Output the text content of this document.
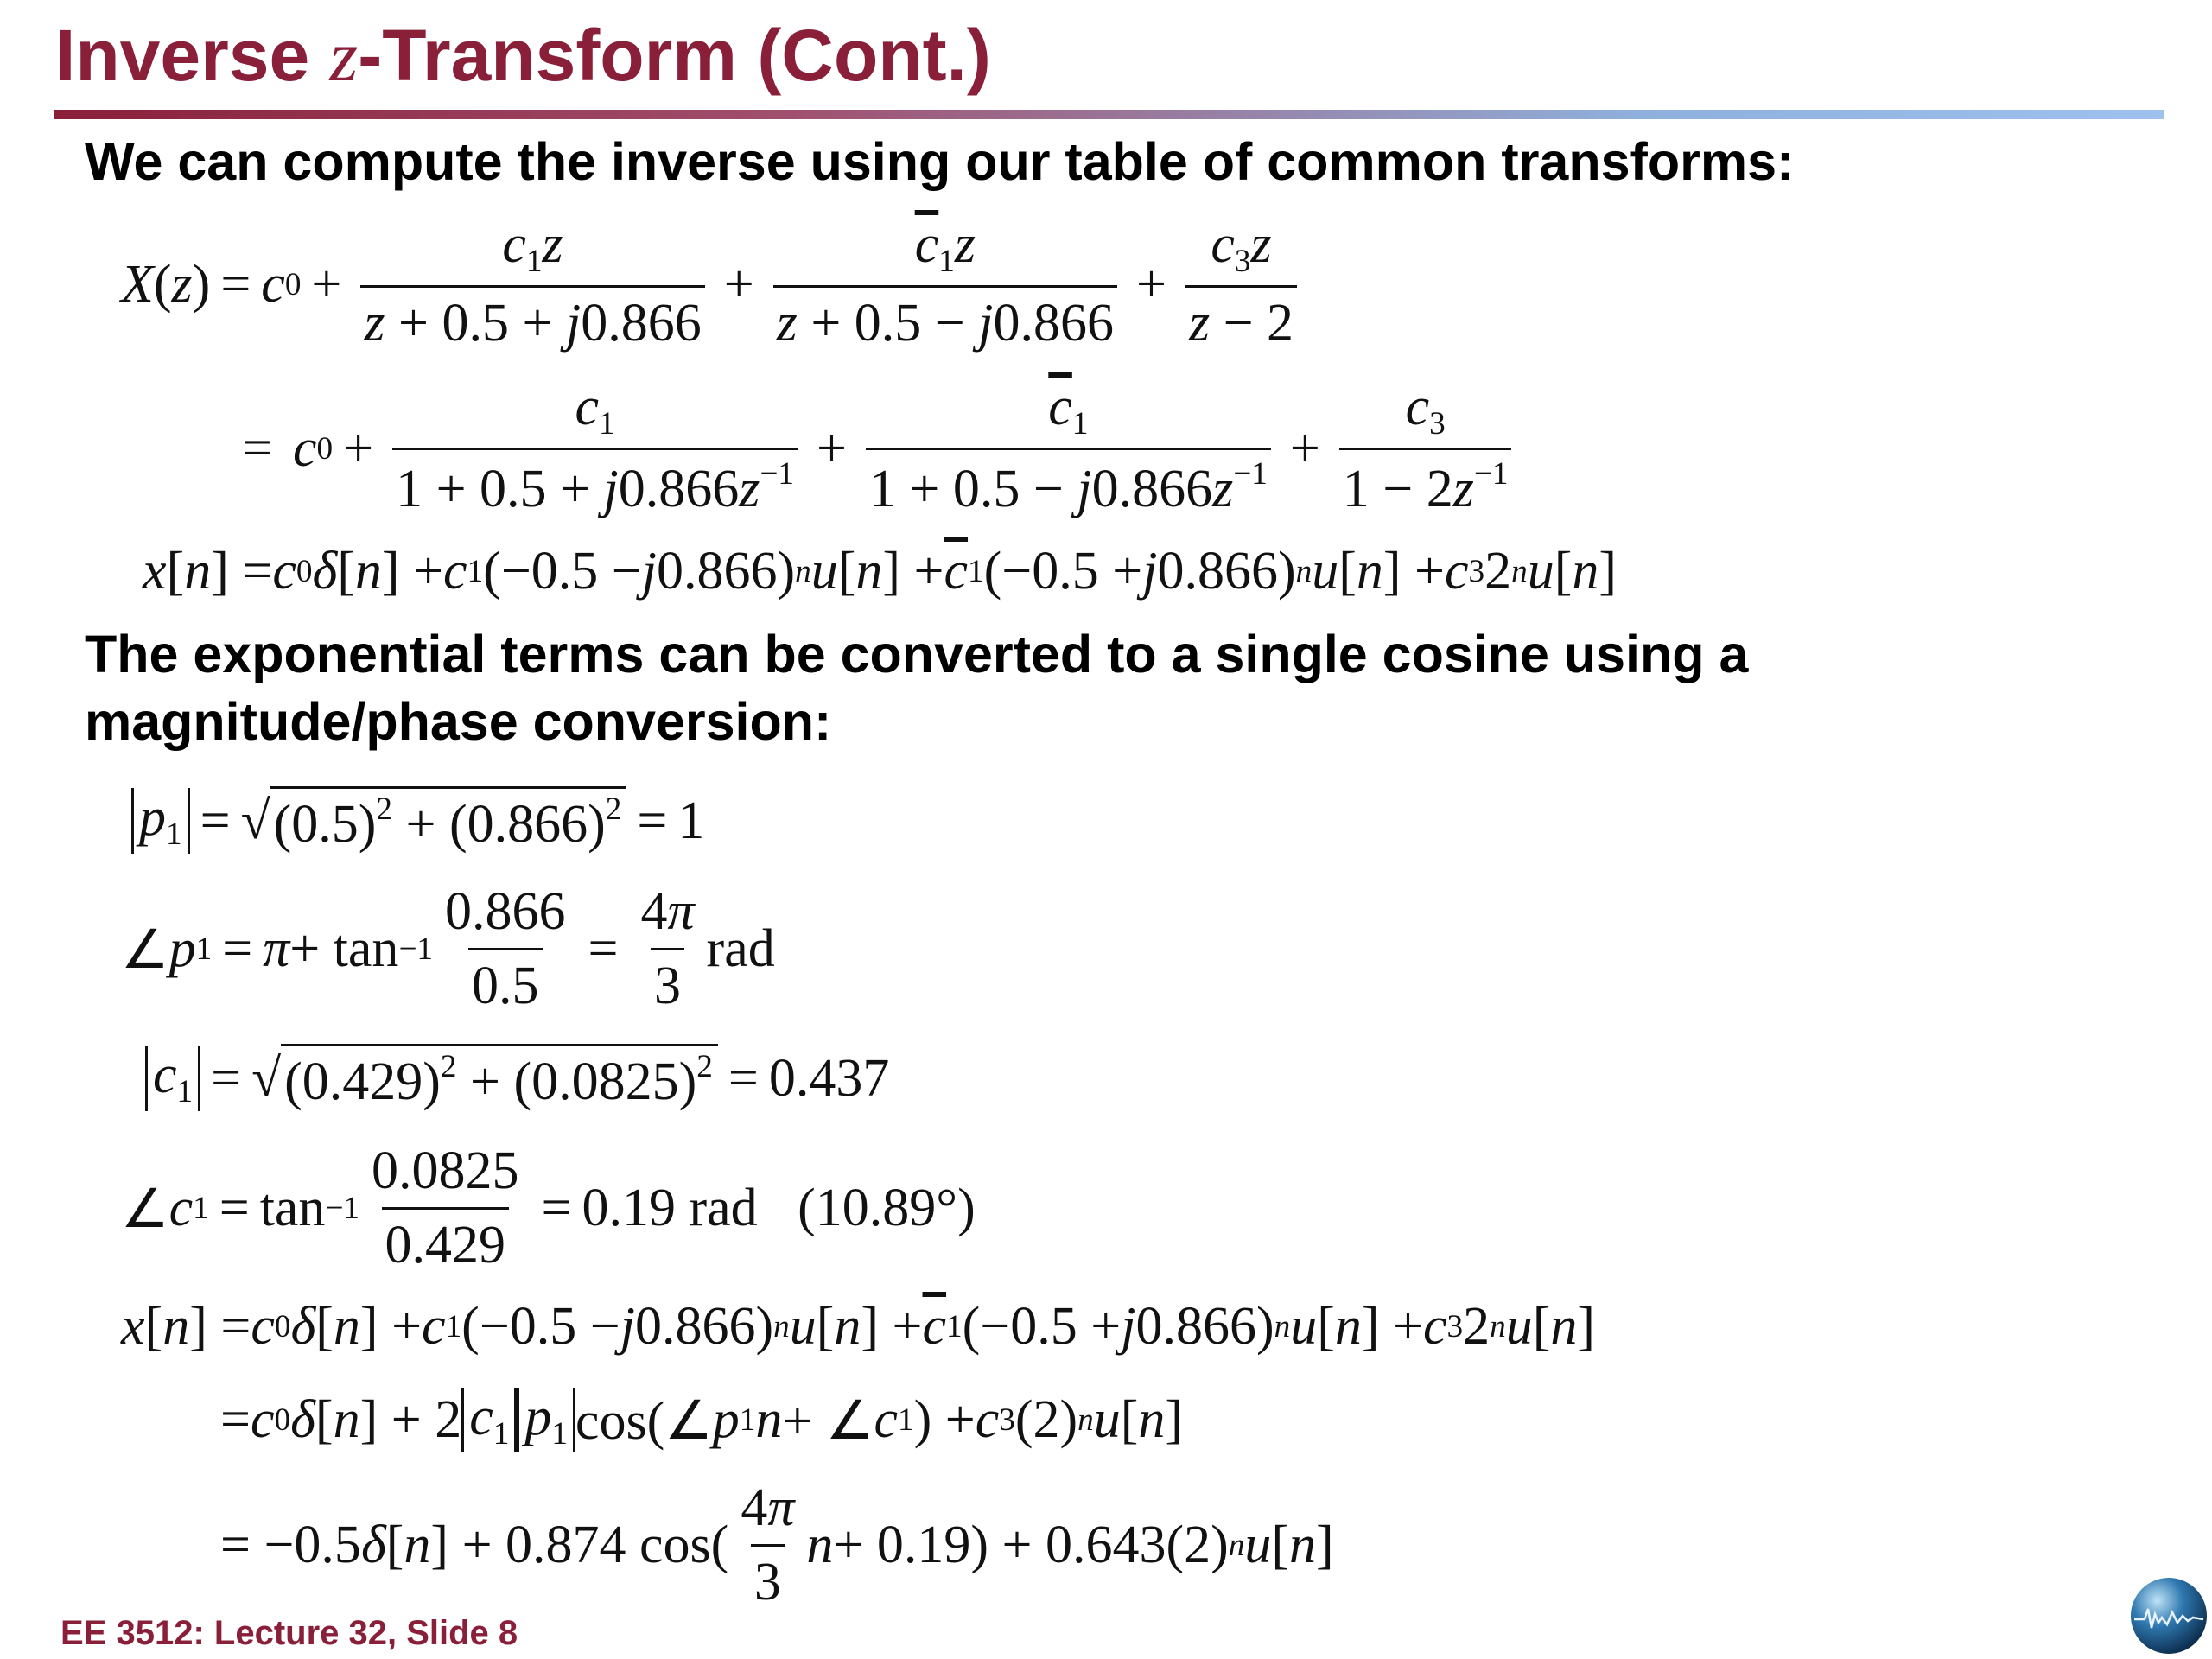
Inverse z-Transform (Cont.)

We can compute the inverse using our table of common transforms:

X ( z ) = c $0 + \frac{c_1z}{z + 0.5 + j0.866} + \frac{\overline{c}_1z}{z + 0.5 - j0.866} + \frac{c_3z}{z - 2}$
= c $0 + \frac{c_1}{1 + 0.5 + j0.866z^{-1}} + \frac{\overline{c}_1}{1 + 0.5 - j0.866z^{-1}} + \frac{c_3}{1 - 2z^{-1}}$
x [ n ] = c 0 δ [ n ] + c 1 (−0.5 − j 0.866) n u [ n ] + $\overline{c}$ 1 (−0.5 + j 0.866) n u [ n ] + c 3 2 n u [ n ]

The exponential terms can be converted to a single cosine using a magnitude/phase conversion:

$p_1$ = √ $(0.5)^2 + (0.866)^2 = 1$
∠ p $1 = \pi + \tan -1 \frac{0.866}{0.5} = \frac{4\pi}{3}$ rad
$c_1$ = √ $(0.429)^2 + (0.0825)^2 = 0.437$
∠ c $1 = \tan -1 \frac{0.0825}{0.429} = 0.19$ rad   (10.89°)
x [ n ] = c 0 δ [ n ] + c 1 (−0.5 − j 0.866) n u [ n ] + $\overline{c}$ 1 (−0.5 + j 0.866) n u [ n ] + c 3 2 n u [ n ]
= c 0 δ [ n ] + 2 $c_1$ $p_1$ cos(∠ p 1 n + ∠ c 1 ) + c 3 (2) n u [ n ]
= −0.5 δ [ n ] + 0.874 $\cos( \frac{4\pi}{3}$ n + 0.19) + 0.643(2) n u [ n ]

EE 3512: Lecture 32, Slide 8
